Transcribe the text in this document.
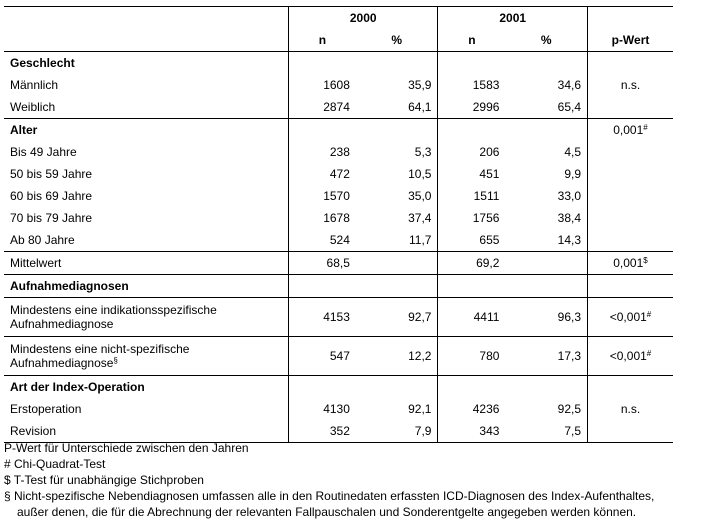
	2000		2001		
	n	%	n	%	p-Wert
Geschlecht					
Männlich	1608	35,9	1583	34,6	n.s.
Weiblich	2874	64,1	2996	65,4	
Alter					0,001#
Bis 49 Jahre	238	5,3	206	4,5	
50 bis 59 Jahre	472	10,5	451	9,9	
60 bis 69 Jahre	1570	35,0	1511	33,0	
70 bis 79 Jahre	1678	37,4	1756	38,4	
Ab 80 Jahre	524	11,7	655	14,3	
Mittelwert	68,5		69,2		0,001$
Aufnahmediagnosen					
Mindestens eine indikationsspezifische Aufnahmediagnose	4153	92,7	4411	96,3	<0,001#
Mindestens eine nicht-spezifische Aufnahmediagnose§	547	12,2	780	17,3	<0,001#
Art der Index-Operation					
Erstoperation	4130	92,1	4236	92,5	n.s.
Revision	352	7,9	343	7,5	
P-Wert für Unterschiede zwischen den Jahren
# Chi-Quadrat-Test
$ T-Test für unabhängige Stichproben
§ Nicht-spezifische Nebendiagnosen umfassen alle in den Routinedaten erfassten ICD-Diagnosen des Index-Aufenthaltes,
außer denen, die für die Abrechnung der relevanten Fallpauschalen und Sonderentgelte angegeben werden können.
